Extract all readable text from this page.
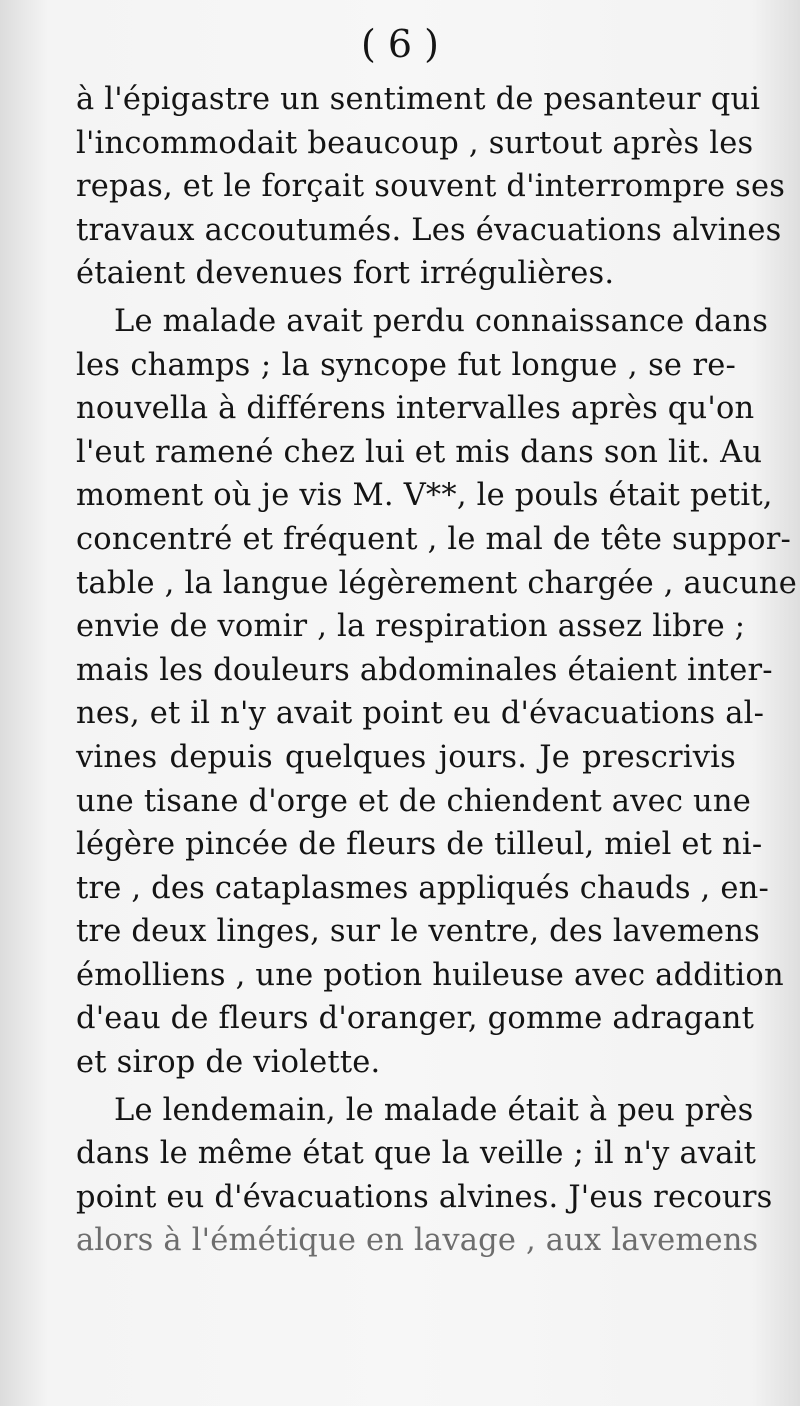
( 6 )
à l'épigastre un sentiment de pesanteur qui
l'incommodait beaucoup , surtout après les
repas, et le forçait souvent d'interrompre ses
travaux accoutumés. Les évacuations alvines
étaient devenues fort irrégulières.
Le malade avait perdu connaissance dans
les champs ; la syncope fut longue , se re-
nouvella à différens intervalles après qu'on
l'eut ramené chez lui et mis dans son lit. Au
moment où je vis M. V**, le pouls était petit,
concentré et fréquent , le mal de tête suppor-
table , la langue légèrement chargée , aucune
envie de vomir , la respiration assez libre ;
mais les douleurs abdominales étaient inter-
nes, et il n'y avait point eu d'évacuations al-
vines depuis quelques jours. Je prescrivis
une tisane d'orge et de chiendent avec une
légère pincée de fleurs de tilleul, miel et ni-
tre , des cataplasmes appliqués chauds , en-
tre deux linges, sur le ventre, des lavemens
émolliens , une potion huileuse avec addition
d'eau de fleurs d'oranger, gomme adragant
et sirop de violette.
Le lendemain, le malade était à peu près
dans le même état que la veille ; il n'y avait
point eu d'évacuations alvines. J'eus recours
alors à l'émétique en lavage , aux lavemens
